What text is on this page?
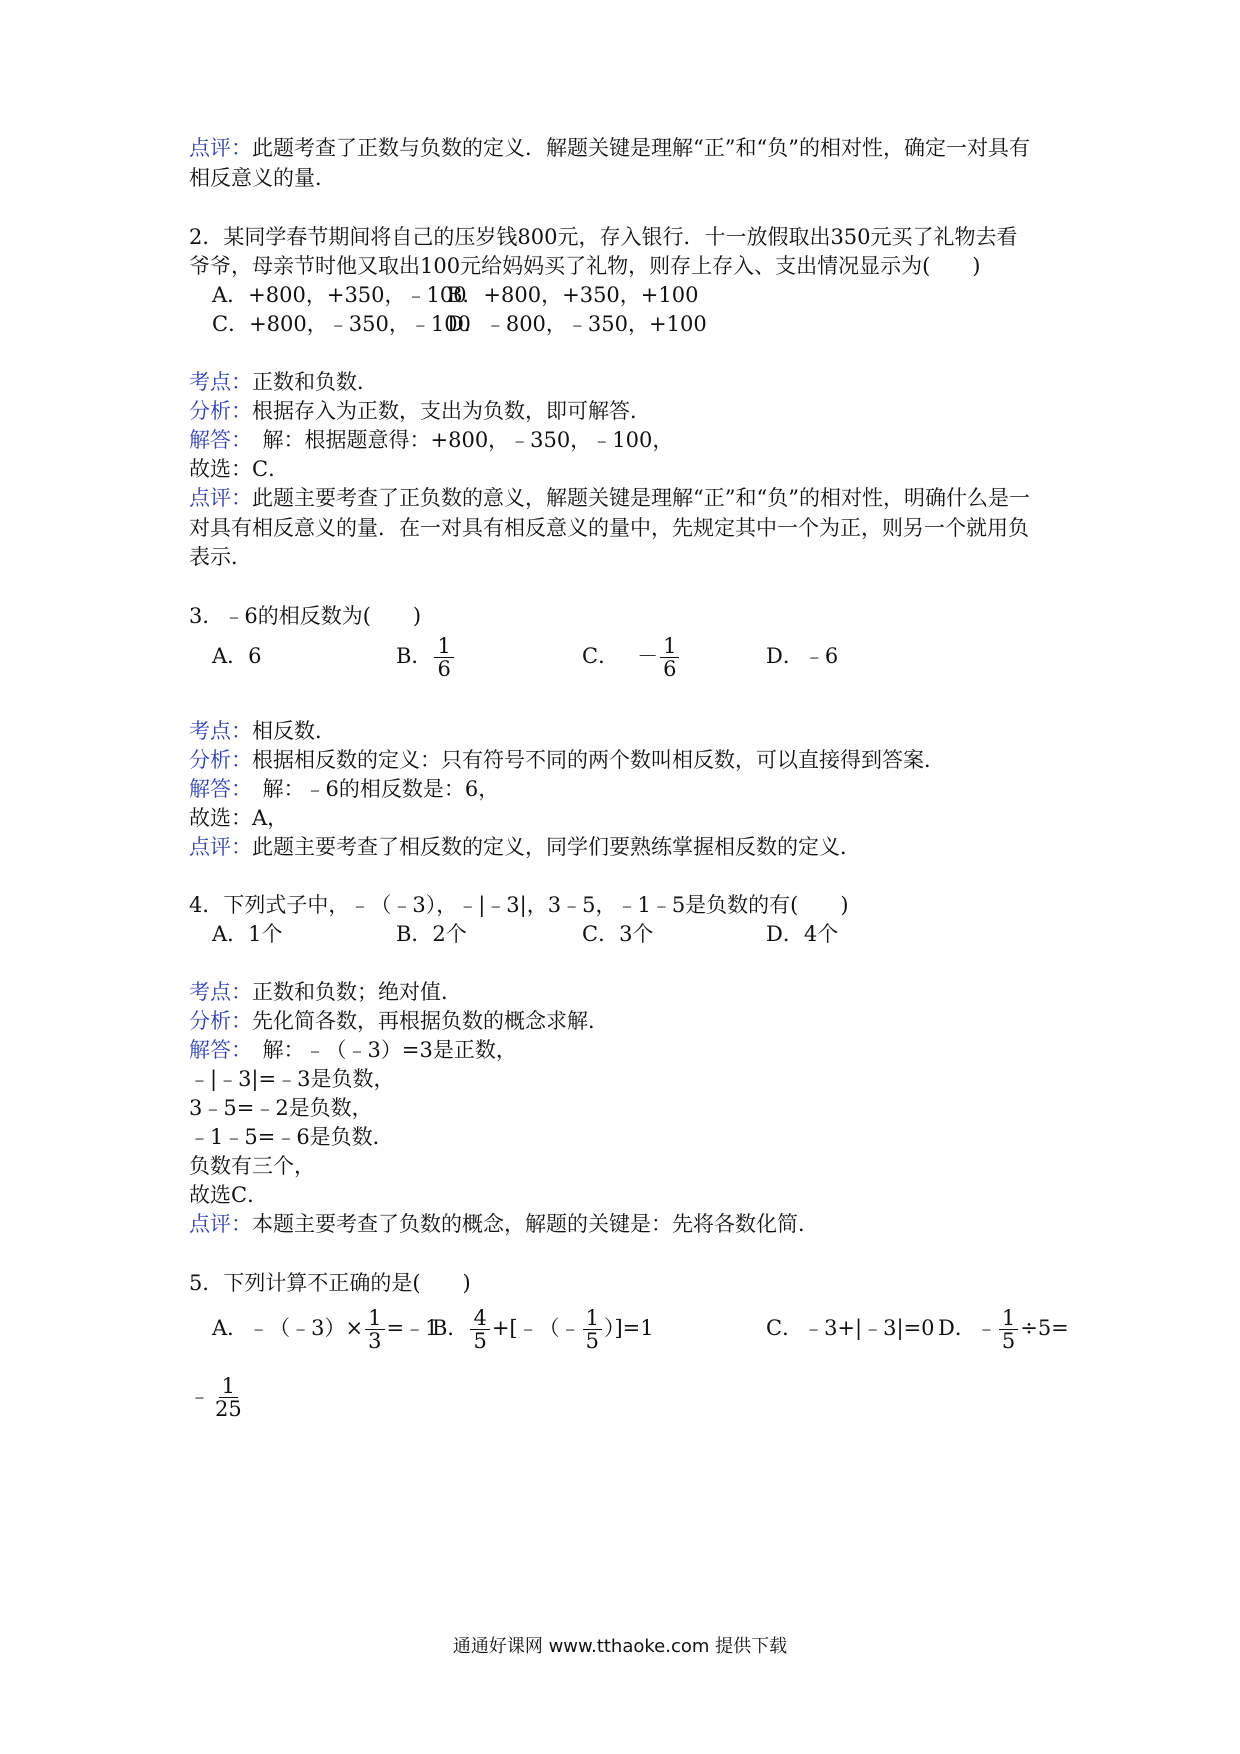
点评：此题考查了正数与负数的定义．解题关键是理解“正”和“负”的相对性，确定一对具有
相反意义的量．
2．某同学春节期间将自己的压岁钱800元，存入银行．十一放假取出350元买了礼物去看
爷爷，母亲节时他又取出100元给妈妈买了礼物，则存上存入、支出情况显示为(　　)
A．+800，+350，﹣100
B．+800，+350，+100
C．+800，﹣350，﹣100
D．﹣800，﹣350，+100
考点：正数和负数．
分析：根据存入为正数，支出为负数，即可解答．
解答：　解：根据题意得：+800，﹣350，﹣100，
故选：C．
点评：此题主要考查了正负数的意义，解题关键是理解“正”和“负”的相对性，明确什么是一
对具有相反意义的量．在一对具有相反意义的量中，先规定其中一个为正，则另一个就用负
表示．
3．﹣6的相反数为(　　)
A．6	B． $\frac{1}{6}$	C． － $\frac{1}{6}$	D．﹣6
考点：相反数．
分析：根据相反数的定义：只有符号不同的两个数叫相反数，可以直接得到答案．
解答：　解：﹣6的相反数是：6，
故选：A，
点评：此题主要考查了相反数的定义，同学们要熟练掌握相反数的定义．
4．下列式子中，﹣（﹣3），﹣|﹣3|，3﹣5，﹣1﹣5是负数的有(　　)
A．1个	B．2个	C．3个	D．4个
考点：正数和负数；绝对值．
分析：先化简各数，再根据负数的概念求解．
解答：　解：﹣（﹣3）=3是正数，
﹣|﹣3|=﹣3是负数，
3﹣5=﹣2是负数，
﹣1﹣5=﹣6是负数．
负数有三个，
故选C．
点评：本题主要考查了负数的概念，解题的关键是：先将各数化简．
5．下列计算不正确的是(　　)
A．﹣（﹣3）× $\frac{1}{3}$ =﹣1
B． $\frac{4}{5}$ +[﹣（﹣ $\frac{1}{5} )]=1$	C．﹣3+|﹣3|=0 D．﹣ $\frac{1}{5} \div 5=$
﹣ $\frac{1}{25}$
通通好课网 www.tthaoke.com 提供下载
